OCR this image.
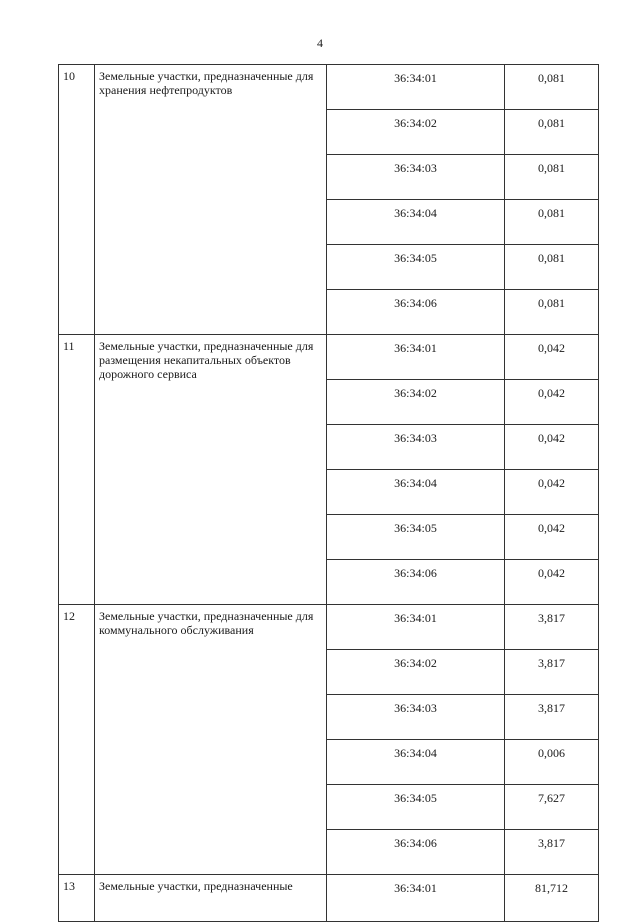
4
10	Земельные участки, предназначенные для хранения нефтепродуктов	36:34:01	0,081
		36:34:02	0,081
		36:34:03	0,081
		36:34:04	0,081
		36:34:05	0,081
		36:34:06	0,081
11	Земельные участки, предназначенные для размещения некапитальных объектов дорожного сервиса	36:34:01	0,042
		36:34:02	0,042
		36:34:03	0,042
		36:34:04	0,042
		36:34:05	0,042
		36:34:06	0,042
12	Земельные участки, предназначенные для коммунального обслуживания	36:34:01	3,817
		36:34:02	3,817
		36:34:03	3,817
		36:34:04	0,006
		36:34:05	7,627
		36:34:06	3,817
13	Земельные участки, предназначенные	36:34:01	81,712
